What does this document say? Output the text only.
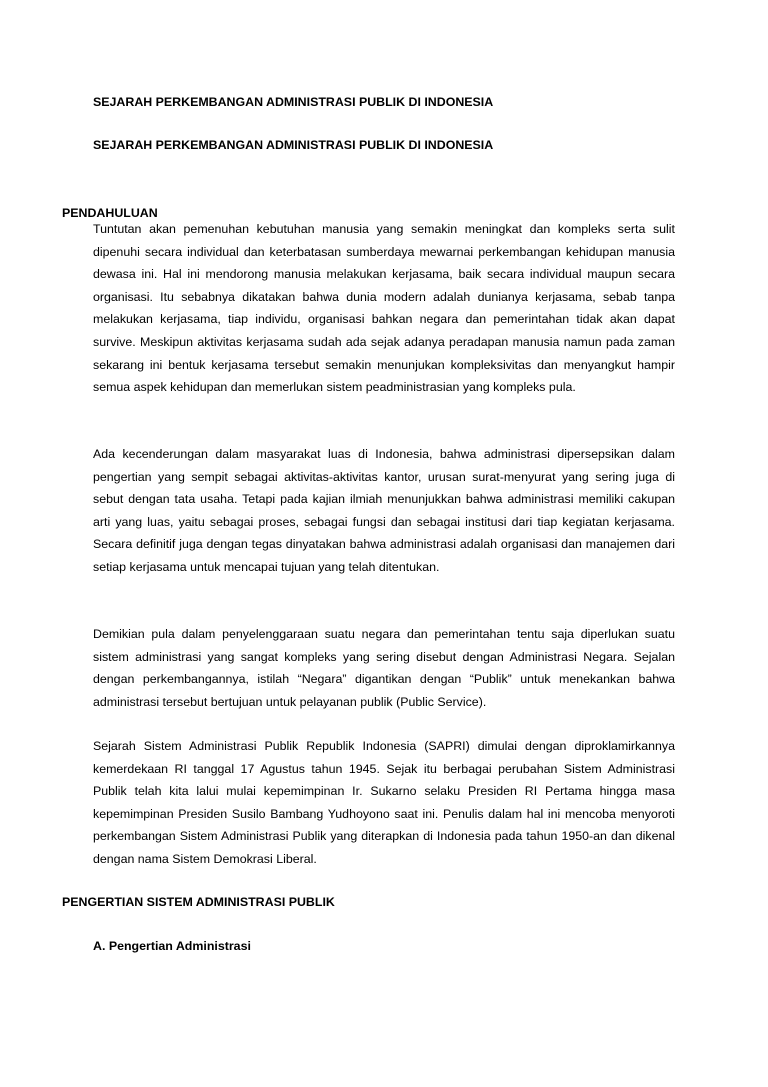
SEJARAH PERKEMBANGAN ADMINISTRASI PUBLIK DI INDONESIA
SEJARAH PERKEMBANGAN ADMINISTRASI PUBLIK DI INDONESIA
PENDAHULUAN

Tuntutan akan pemenuhan kebutuhan manusia yang semakin meningkat dan kompleks serta sulit dipenuhi secara individual dan keterbatasan sumberdaya mewarnai perkembangan kehidupan manusia dewasa ini. Hal ini mendorong manusia melakukan kerjasama, baik secara individual maupun secara organisasi. Itu sebabnya dikatakan bahwa dunia modern adalah dunianya kerjasama, sebab tanpa melakukan kerjasama, tiap individu, organisasi bahkan negara dan pemerintahan tidak akan dapat survive. Meskipun aktivitas kerjasama sudah ada sejak adanya peradapan manusia namun pada zaman sekarang ini bentuk kerjasama tersebut semakin menunjukan kompleksivitas dan menyangkut hampir semua aspek kehidupan dan memerlukan sistem peadministrasian yang kompleks pula.

Ada kecenderungan dalam masyarakat luas di Indonesia, bahwa administrasi dipersepsikan dalam pengertian yang sempit sebagai aktivitas-aktivitas kantor, urusan surat-menyurat yang sering juga di sebut dengan tata usaha. Tetapi pada kajian ilmiah menunjukkan bahwa administrasi memiliki cakupan arti yang luas, yaitu sebagai proses, sebagai fungsi dan sebagai institusi dari tiap kegiatan kerjasama. Secara definitif juga dengan tegas dinyatakan bahwa administrasi adalah organisasi dan manajemen dari setiap kerjasama untuk mencapai tujuan yang telah ditentukan.

Demikian pula dalam penyelenggaraan suatu negara dan pemerintahan tentu saja diperlukan suatu sistem administrasi yang sangat kompleks yang sering disebut dengan Administrasi Negara. Sejalan dengan perkembangannya, istilah “Negara” digantikan dengan “Publik” untuk menekankan bahwa administrasi tersebut bertujuan untuk pelayanan publik (Public Service).

Sejarah Sistem Administrasi Publik Republik Indonesia (SAPRI) dimulai dengan diproklamirkannya kemerdekaan RI tanggal 17 Agustus tahun 1945. Sejak itu berbagai perubahan Sistem Administrasi Publik telah kita lalui mulai kepemimpinan Ir. Sukarno selaku Presiden RI Pertama hingga masa kepemimpinan Presiden Susilo Bambang Yudhoyono saat ini. Penulis dalam hal ini mencoba menyoroti perkembangan Sistem Administrasi Publik yang diterapkan di Indonesia pada tahun 1950-an dan dikenal dengan nama Sistem Demokrasi Liberal.

PENGERTIAN SISTEM ADMINISTRASI PUBLIK
A. Pengertian Administrasi
